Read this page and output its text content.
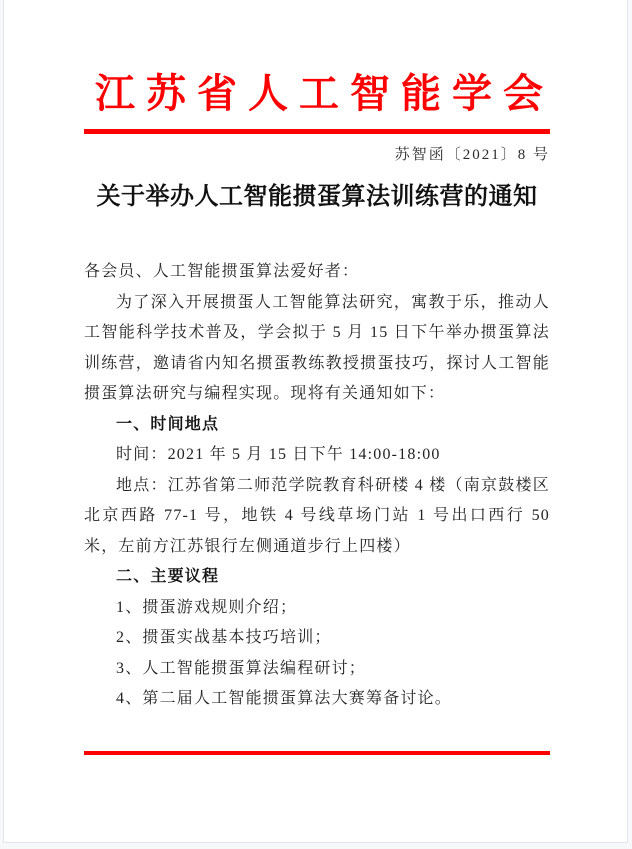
江苏省人工智能学会
苏智函〔2021〕8 号
关于举办人工智能掼蛋算法训练营的通知

各会员、人工智能掼蛋算法爱好者：

为了深入开展掼蛋人工智能算法研究，寓教于乐，推动人工智能科学技术普及，学会拟于 5 月 15 日下午举办掼蛋算法训练营，邀请省内知名掼蛋教练教授掼蛋技巧，探讨人工智能掼蛋算法研究与编程实现。现将有关通知如下：

一、时间地点

时间：2021 年 5 月 15 日下午 14:00-18:00

地点：江苏省第二师范学院教育科研楼 4 楼（南京鼓楼区北京西路 77-1 号，地铁 4 号线草场门站 1 号出口西行 50 米，左前方江苏银行左侧通道步行上四楼）

二、主要议程

1、掼蛋游戏规则介绍；

2、掼蛋实战基本技巧培训；

3、人工智能掼蛋算法编程研讨；

4、第二届人工智能掼蛋算法大赛筹备讨论。
